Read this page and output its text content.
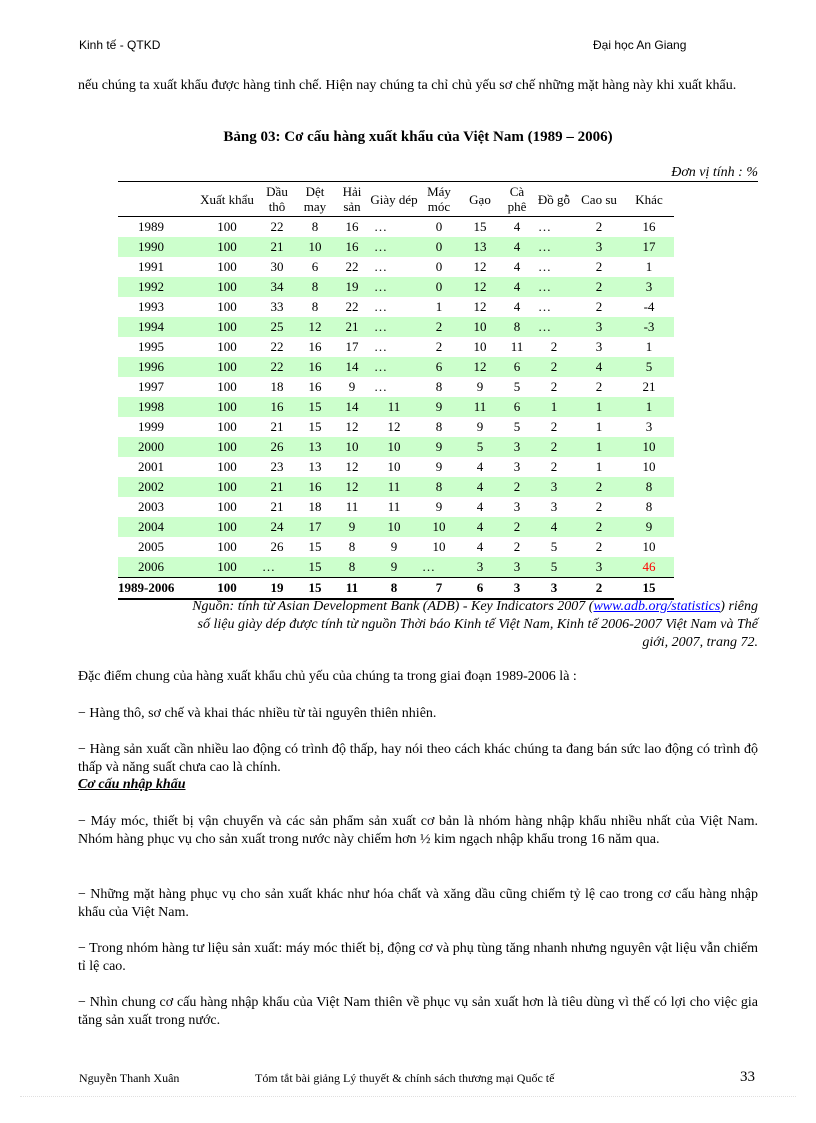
Kinh tế - QTKD	Đại học An Giang
nếu chúng ta xuất khẩu được hàng tinh chế. Hiện nay chúng ta chỉ chủ yếu sơ chế những mặt hàng này khi xuất khẩu.
Bảng 03: Cơ cấu hàng xuất khẩu của Việt Nam (1989 – 2006)
Đơn vị tính : %
	Xuất khẩu	Dầu thô	Dệt may	Hải sản	Giày dép	Máy móc	Gạo	Cà phê	Đồ gỗ	Cao su	Khác
1989	100	22	8	16	…	0	15	4	…	2	16
1990	100	21	10	16	…	0	13	4	…	3	17
1991	100	30	6	22	…	0	12	4	…	2	1
1992	100	34	8	19	…	0	12	4	…	2	3
1993	100	33	8	22	…	1	12	4	…	2	-4
1994	100	25	12	21	…	2	10	8	…	3	-3
1995	100	22	16	17	…	2	10	11	2	3	1
1996	100	22	16	14	…	6	12	6	2	4	5
1997	100	18	16	9	…	8	9	5	2	2	21
1998	100	16	15	14	11	9	11	6	1	1	1
1999	100	21	15	12	12	8	9	5	2	1	3
2000	100	26	13	10	10	9	5	3	2	1	10
2001	100	23	13	12	10	9	4	3	2	1	10
2002	100	21	16	12	11	8	4	2	3	2	8
2003	100	21	18	11	11	9	4	3	3	2	8
2004	100	24	17	9	10	10	4	2	4	2	9
2005	100	26	15	8	9	10	4	2	5	2	10
2006	100	…	15	8	9	…	3	3	5	3	46
1989-2006	100	19	15	11	8	7	6	3	3	2	15
Nguồn: tính từ Asian Development Bank (ADB) - Key Indicators 2007 (www.adb.org/statistics) riêng
số liệu giày dép được tính từ nguồn Thời báo Kinh tế Việt Nam, Kinh tế 2006-2007 Việt Nam và Thế
giới, 2007, trang 72.
Đặc điểm chung của hàng xuất khẩu chủ yếu của chúng ta trong giai đoạn 1989-2006 là :
− Hàng thô, sơ chế và khai thác nhiều từ tài nguyên thiên nhiên.
− Hàng sản xuất cần nhiều lao động có trình độ thấp, hay nói theo cách khác chúng ta đang bán sức lao động có trình độ thấp và năng suất chưa cao là chính.
Cơ cấu nhập khẩu
− Máy móc, thiết bị vận chuyển và các sản phẩm sản xuất cơ bản là nhóm hàng nhập khẩu nhiều nhất của Việt Nam. Nhóm hàng phục vụ cho sản xuất trong nước này chiếm hơn ½ kim ngạch nhập khẩu trong 16 năm qua.
− Những mặt hàng phục vụ cho sản xuất khác như hóa chất và xăng dầu cũng chiếm tỷ lệ cao trong cơ cấu hàng nhập khẩu của Việt Nam.
− Trong nhóm hàng tư liệu sản xuất: máy móc thiết bị, động cơ và phụ tùng tăng nhanh nhưng nguyên vật liệu vẫn chiếm tỉ lệ cao.
− Nhìn chung cơ cấu hàng nhập khẩu của Việt Nam thiên về phục vụ sản xuất hơn là tiêu dùng vì thế có lợi cho việc gia tăng sản xuất trong nước.
Nguyễn Thanh Xuân	Tóm tắt bài giảng Lý thuyết & chính sách thương mại Quốc tế	33
